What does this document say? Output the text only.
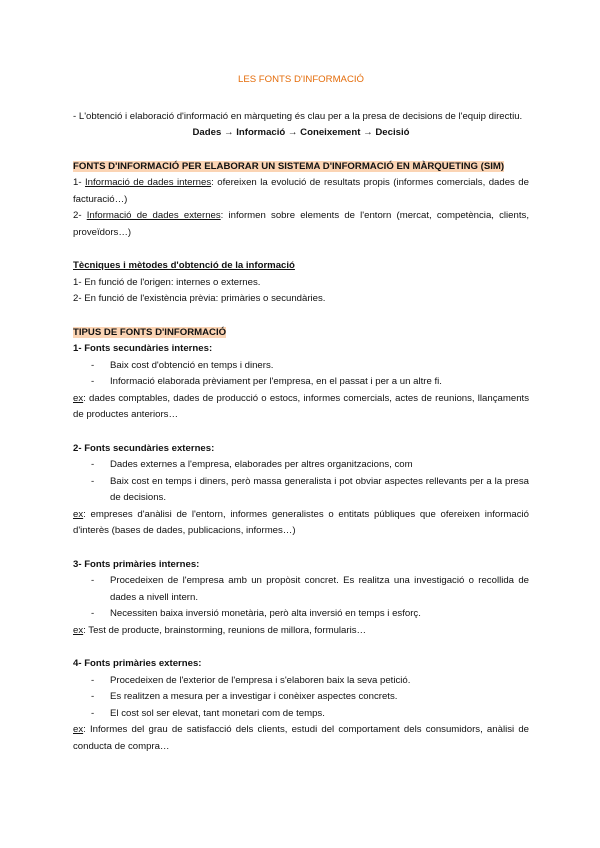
LES FONTS D'INFORMACIÓ

- L'obtenció i elaboració d'informació en màrqueting és clau per a la presa de decisions de l'equip directiu.

Dades → Informació → Coneixement → Decisió

FONTS D'INFORMACIÓ PER ELABORAR UN SISTEMA D'INFORMACIÓ EN MÀRQUETING (SIM)

1- Informació de dades internes: ofereixen la evolució de resultats propis (informes comercials, dades de facturació…)

2- Informació de dades externes: informen sobre elements de l'entorn (mercat, competència, clients, proveïdors…)

Tècniques i mètodes d'obtenció de la informació

1- En funció de l'origen: internes o externes.

2- En funció de l'existència prèvia: primàries o secundàries.

TIPUS DE FONTS D'INFORMACIÓ

1- Fonts secundàries internes:

- Baix cost d'obtenció en temps i diners.
- Informació elaborada prèviament per l'empresa, en el passat i per a un altre fi.

ex: dades comptables, dades de producció o estocs, informes comercials, actes de reunions, llançaments de productes anteriors…

2- Fonts secundàries externes:

- Dades externes a l'empresa, elaborades per altres organitzacions, com
- Baix cost en temps i diners, però massa generalista i pot obviar aspectes rellevants per a la presa de decisions.

ex: empreses d'anàlisi de l'entorn, informes generalistes o entitats públiques que ofereixen informació d'interès (bases de dades, publicacions, informes…)

3- Fonts primàries internes:

- Procedeixen de l'empresa amb un propòsit concret. Es realitza una investigació o recollida de dades a nivell intern.
- Necessiten baixa inversió monetària, però alta inversió en temps i esforç.

ex: Test de producte, brainstorming, reunions de millora, formularis…

4- Fonts primàries externes:

- Procedeixen de l'exterior de l'empresa i s'elaboren baix la seva petició.
- Es realitzen a mesura per a investigar i conèixer aspectes concrets.
- El cost sol ser elevat, tant monetari com de temps.

ex: Informes del grau de satisfacció dels clients, estudi del comportament dels consumidors, anàlisi de conducta de compra…
